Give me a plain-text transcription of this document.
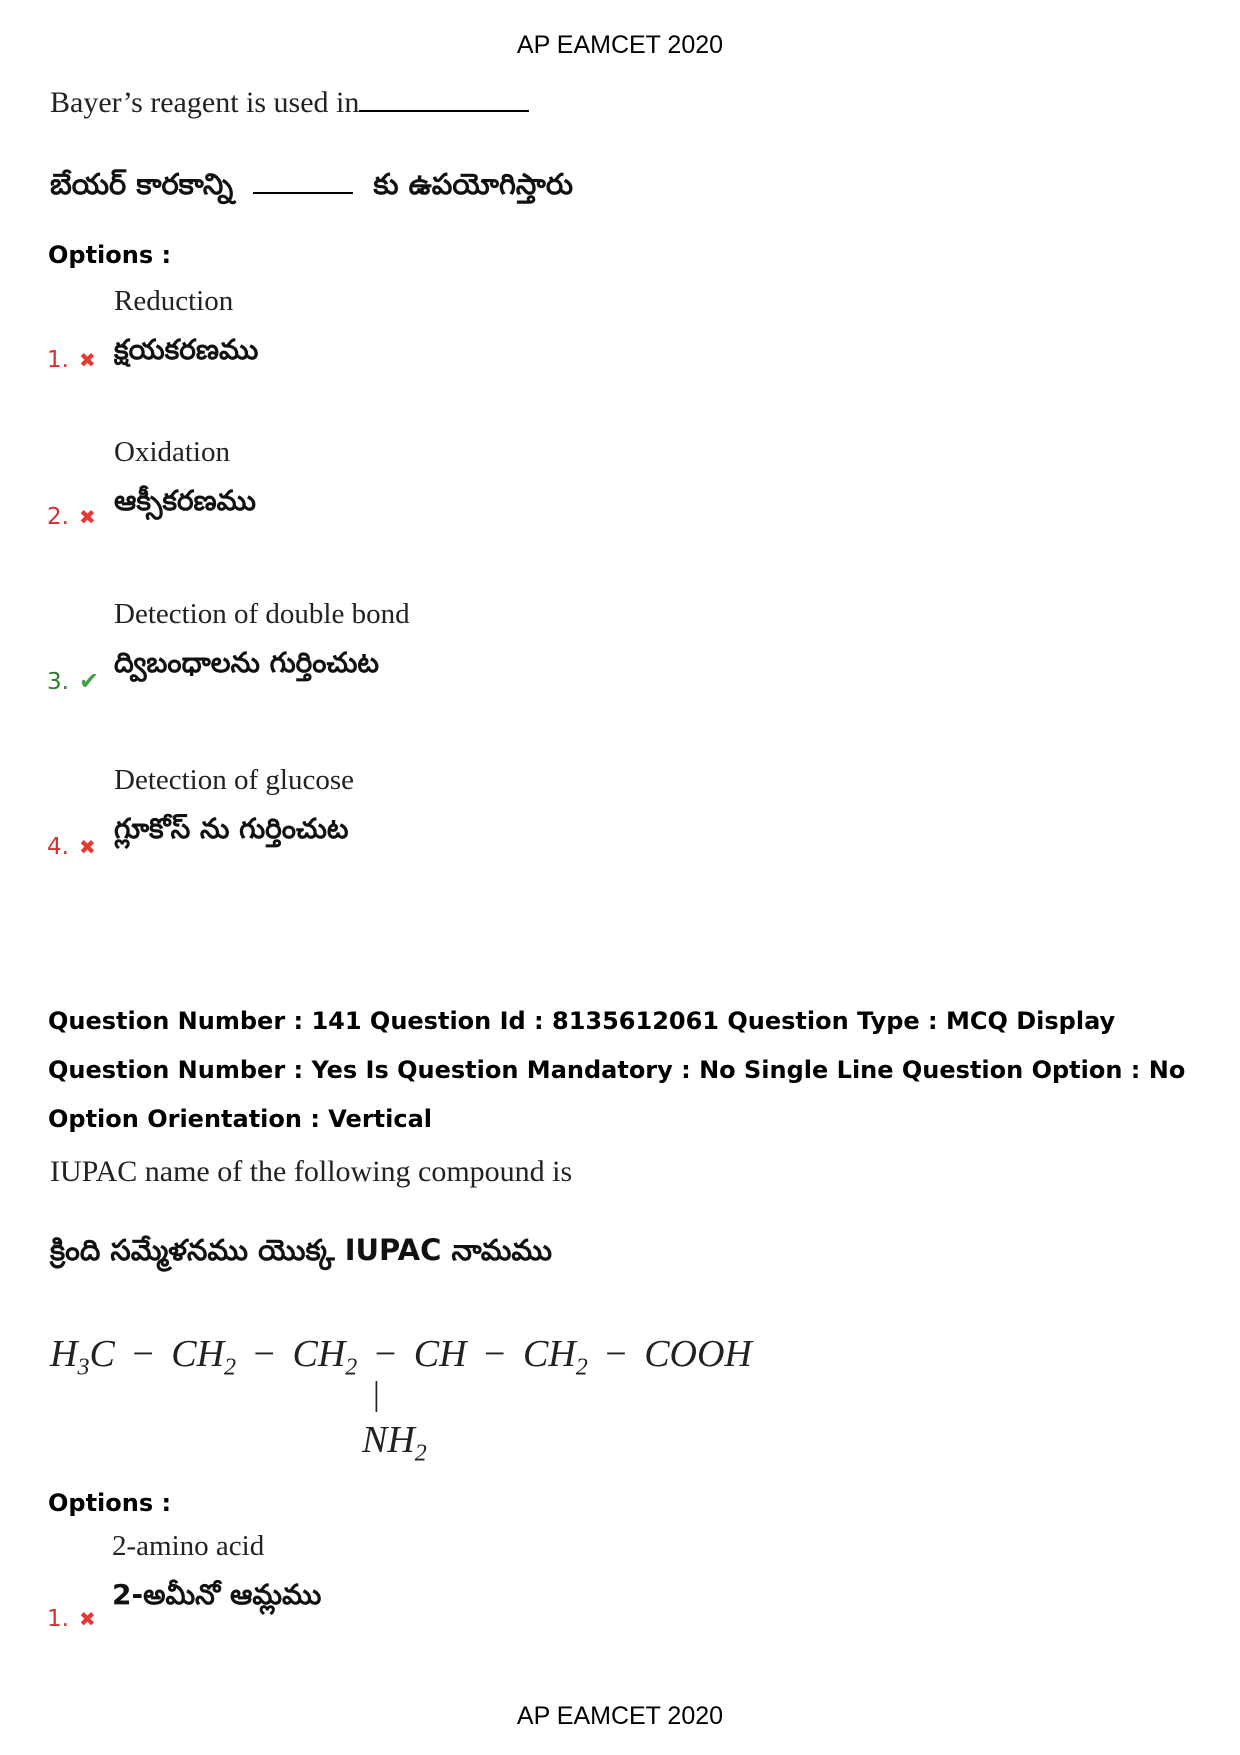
AP EAMCET 2020
Bayer’s reagent is used in
బేయర్ కారకాన్ని	కు ఉపయోగిస్తారు
Options :
Reduction
క్షయకరణము
1. ✖
Oxidation
ఆక్సీకరణము
2. ✖
Detection of double bond
ద్విబంధాలను గుర్తించుట
3. ✔
Detection of glucose
గ్లూకోస్ ను గుర్తించుట
4. ✖
Question Number : 141 Question Id : 8135612061 Question Type : MCQ Display Question Number : Yes Is Question Mandatory : No Single Line Question Option : No Option Orientation : Vertical
IUPAC name of the following compound is
క్రింది సమ్మేళనము యొక్క IUPAC నామము
$H_3C - CH_2 - CH_2$ − CH − $CH_2$ − COOH
|
$NH_2$
Options :
2-amino acid
2-అమీనో ఆమ్లము
1. ✖
AP EAMCET 2020
